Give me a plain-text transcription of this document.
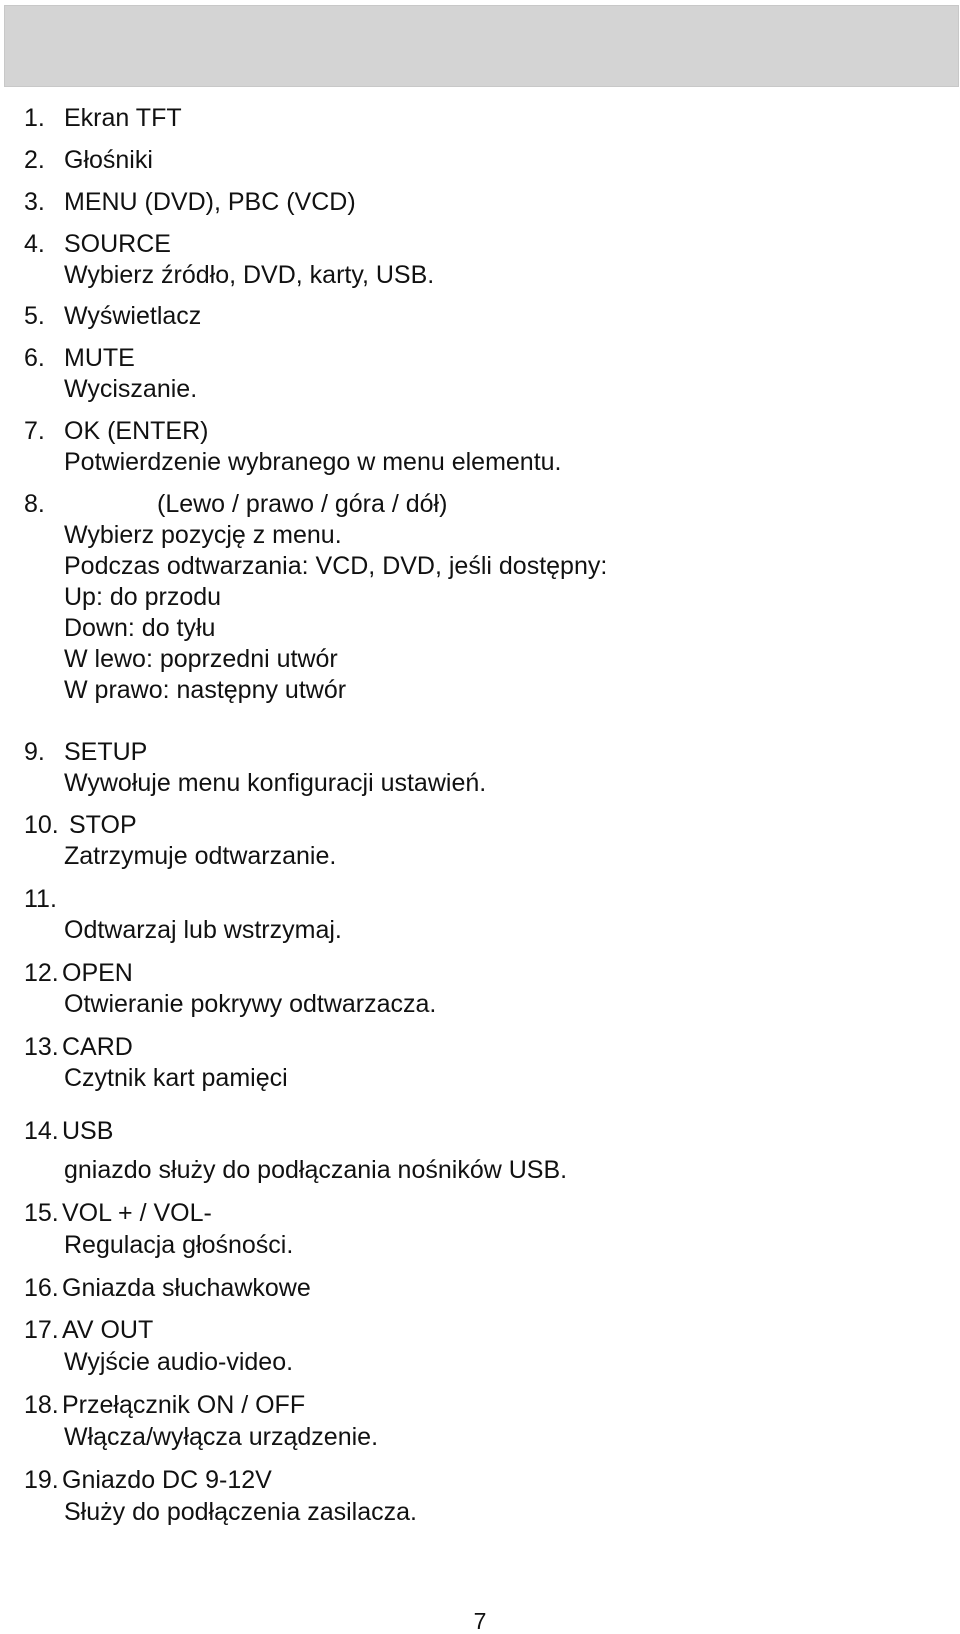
1. Ekran TFT
2. Głośniki
3. MENU (DVD), PBC (VCD)
4. SOURCE
Wybierz źródło, DVD, karty, USB.
5. Wyświetlacz
6. MUTE
Wyciszanie.
7. OK (ENTER)
Potwierdzenie wybranego w menu elementu.
8.	(Lewo / prawo / góra / dół)
Wybierz pozycję z menu.
Podczas odtwarzania: VCD, DVD, jeśli dostępny:
Up: do przodu
Down: do tyłu
W lewo: poprzedni utwór
W prawo: następny utwór
9. SETUP
Wywołuje menu konfiguracji ustawień.
10. STOP
Zatrzymuje odtwarzanie.
11.
Odtwarzaj lub wstrzymaj.
12. OPEN
Otwieranie pokrywy odtwarzacza.
13. CARD
Czytnik kart pamięci
14. USB
gniazdo służy do podłączania nośników USB.
15. VOL + / VOL-
Regulacja głośności.
16. Gniazda słuchawkowe
17. AV OUT
Wyjście audio-video.
18. Przełącznik ON / OFF
Włącza/wyłącza urządzenie.
19. Gniazdo DC 9-12V
Służy do podłączenia zasilacza.
7
